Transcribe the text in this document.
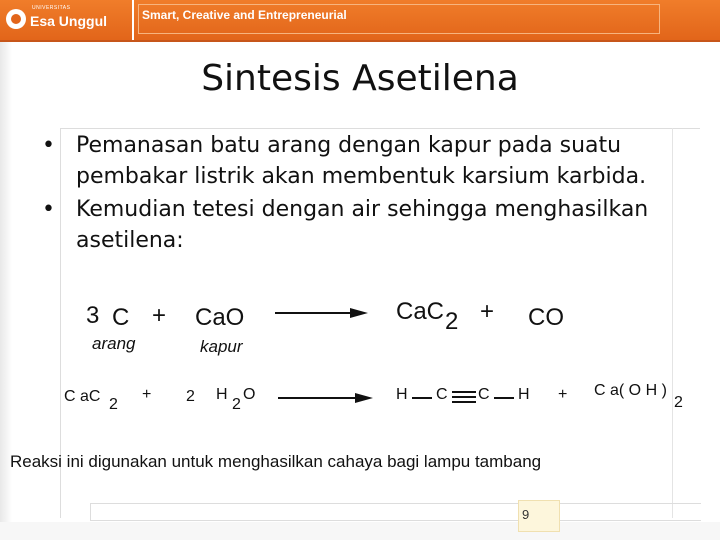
UNIVERSITAS
Esa Unggul	Smart, Creative and Entrepreneurial
Sintesis Asetilena
• Pemanasan batu arang dengan kapur pada suatu pembakar listrik akan membentuk karsium karbida.
• Kemudian tetesi dengan air sehingga menghasilkan asetilena:
3 C + CaO
arang	kapur
CaC 2 + CO
C aC 2
+ 2 H
2
O	H C C H + C a( O H )
2
Reaksi ini digunakan untuk menghasilkan cahaya bagi lampu tambang
9
